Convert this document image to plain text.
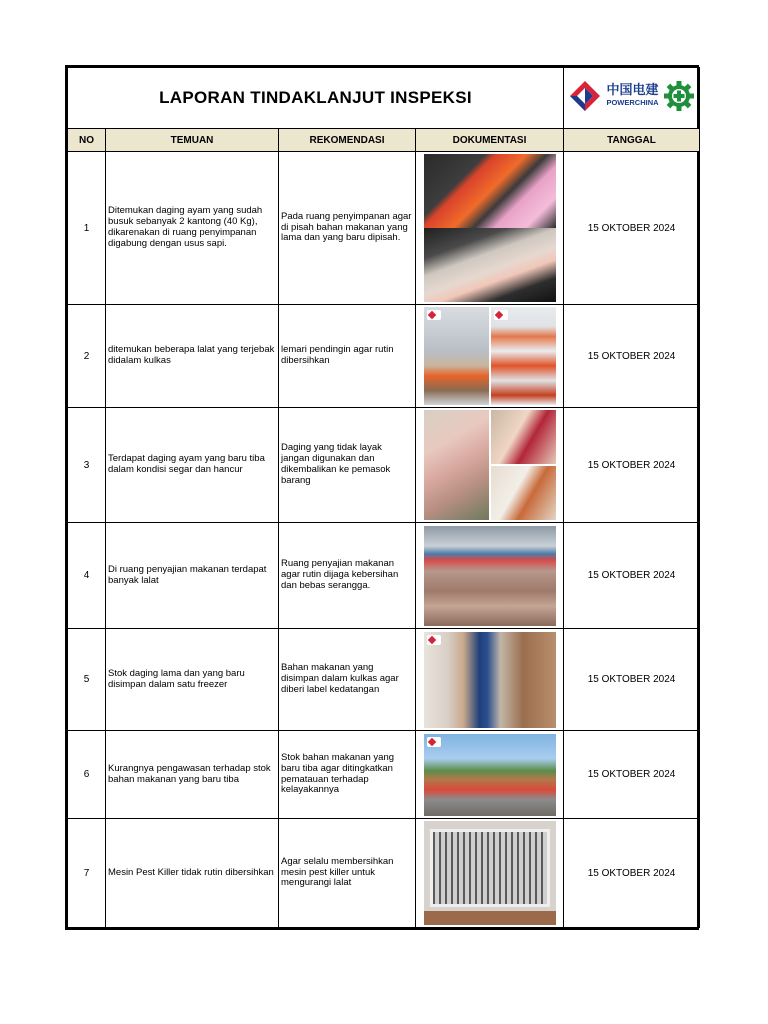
LAPORAN TINDAKLANJUT INSPEKSI				中国电建
POWERCHINA

NO	TEMUAN	REKOMENDASI	DOKUMENTASI	TANGGAL
1	Ditemukan daging ayam yang sudah busuk sebanyak 2 kantong (40 Kg), dikarenakan di ruang penyimpanan digabung dengan usus sapi.	Pada ruang penyimpanan agar di pisah bahan makanan yang lama dan yang baru dipisah.		15 OKTOBER 2024
2	ditemukan beberapa lalat yang terjebak didalam kulkas	lemari pendingin agar rutin dibersihkan		15 OKTOBER 2024
3	Terdapat daging ayam yang baru tiba dalam kondisi segar dan hancur	Daging yang tidak layak jangan digunakan dan dikembalikan ke pemasok barang		15 OKTOBER 2024
4	Di ruang penyajian makanan terdapat banyak lalat	Ruang penyajian makanan agar rutin dijaga kebersihan dan bebas serangga.		15 OKTOBER 2024
5	Stok daging lama dan yang baru disimpan dalam satu freezer	Bahan makanan yang disimpan dalam kulkas agar diberi label kedatangan		15 OKTOBER 2024
6	Kurangnya pengawasan terhadap stok bahan makanan yang baru tiba	Stok bahan makanan yang baru tiba agar ditingkatkan pematauan terhadap kelayakannya		15 OKTOBER 2024
7	Mesin Pest Killer tidak rutin dibersihkan	Agar selalu membersihkan mesin pest killer untuk mengurangi lalat		15 OKTOBER 2024
